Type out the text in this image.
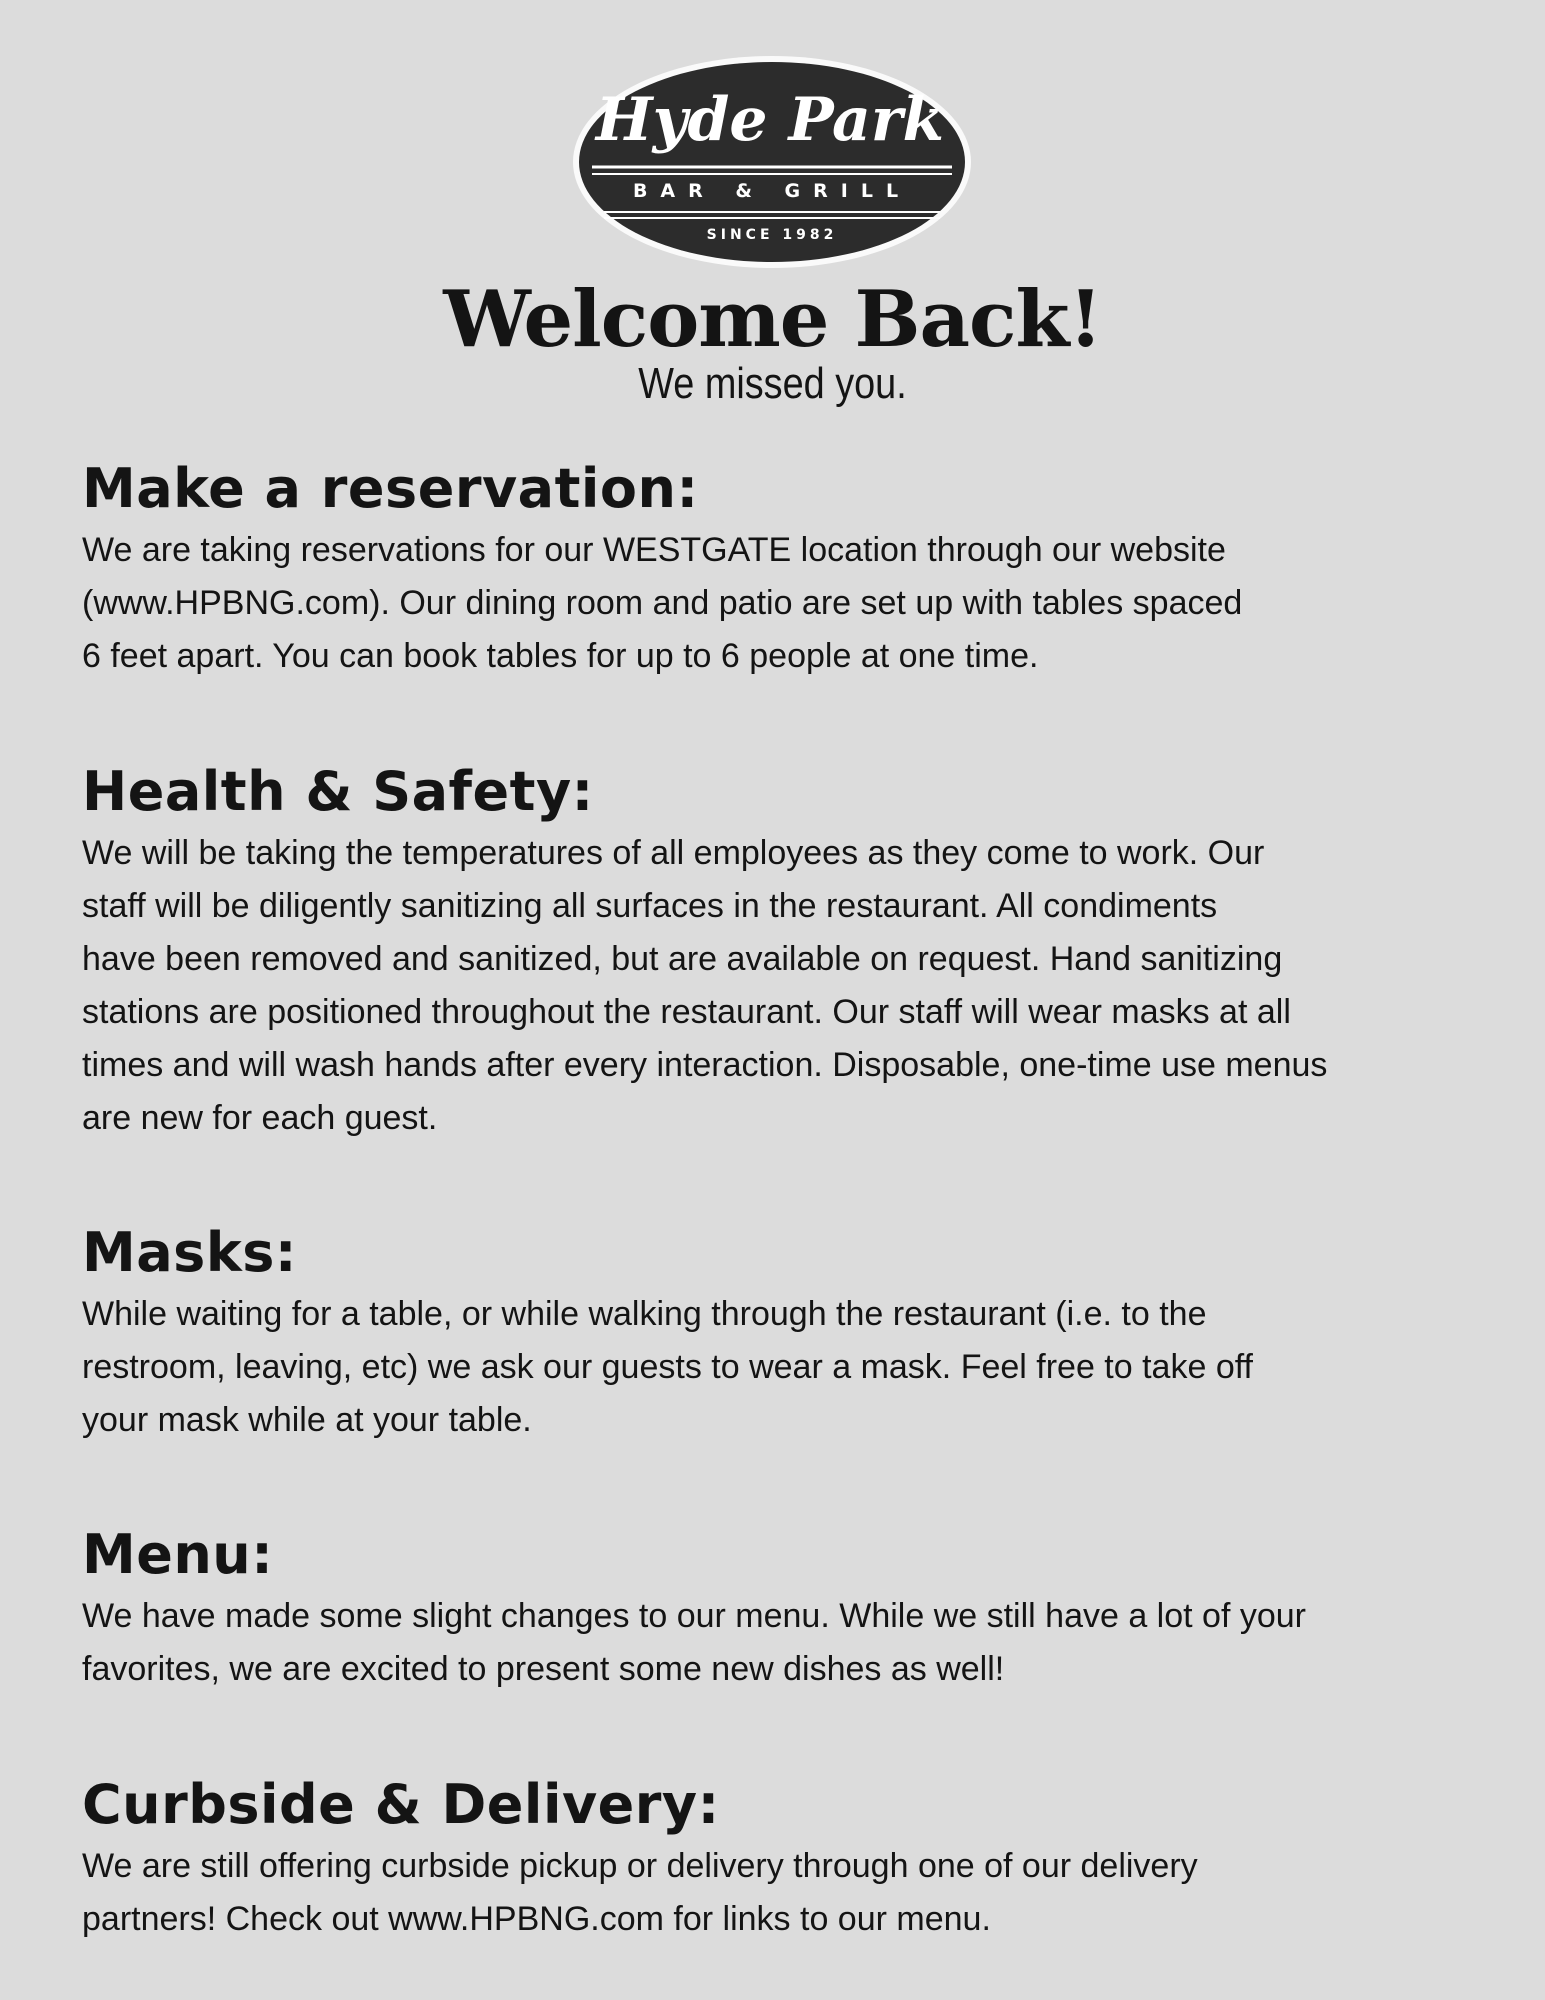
Hyde Park
BAR & GRILL
SINCE 1982
Welcome Back!
We missed you.
Make a reservation:

We are taking reservations for our WESTGATE location through our website
(www.HPBNG.com). Our dining room and patio are set up with tables spaced
6 feet apart. You can book tables for up to 6 people at one time.

Health & Safety:

We will be taking the temperatures of all employees as they come to work. Our
staff will be diligently sanitizing all surfaces in the restaurant. All condiments
have been removed and sanitized, but are available on request. Hand sanitizing
stations are positioned throughout the restaurant. Our staff will wear masks at all
times and will wash hands after every interaction. Disposable, one-time use menus
are new for each guest.

Masks:

While waiting for a table, or while walking through the restaurant (i.e. to the
restroom, leaving, etc) we ask our guests to wear a mask. Feel free to take off
your mask while at your table.

Menu:

We have made some slight changes to our menu. While we still have a lot of your
favorites, we are excited to present some new dishes as well!

Curbside & Delivery:

We are still offering curbside pickup or delivery through one of our delivery
partners! Check out www.HPBNG.com for links to our menu.
